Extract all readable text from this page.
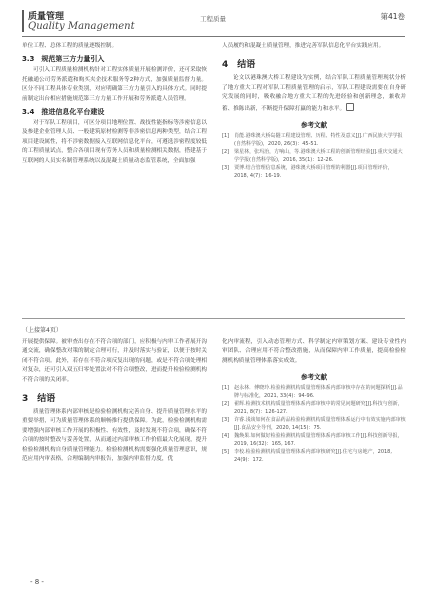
质量管理
Quality Management
工程质量	第41卷

单位工程、总体工程的质量逐级控制。

3.3　规范第三方力量引入

可引入工程质量检测机构针对工程实体质量开展检测评价，还可采取恢托融通公司劳务派遣和购买夹企技术服务等2种方式，加强质量监督力量。区分不同工程具体专业类别，对应明确第三方力量引入的具体方式。同时提前制定出台相应措施规范第三方力量工作开展和劳务派遣人员管理。

3.4　推进信息化平台建设

对于军队工程项目，可区分项目地理位置、战技性能指标等涉密信息以及参建企业管理人员、一般建筑原材检测等非涉密信息两种类型，结合工程项目建设属性，将不涉密数据接入互联网信息化平台，可遵选涉密程度较低的工程质量试点，整合各项目现有劳务人员和质量检测相关数据，搭建基于互联网的人员实名制管理系统以及混凝土质量动态监管系统，全面加强

人员履约和混凝土质量管理，推进完善军队信息化平台实践应用。

4　结语

论文以港珠澳大桥工程建设为实例，结合军队工程质量管理现状分析了地方重大工程对军队工程质量管理的启示，军队工程建设需要在自身研究发展的同时，吸收融合地方重大工程的先进经验和创新理念，兼收并蓄、推陈出新，不断提升保障打赢的能力和水平。

参考文献
[1]　肖能.港珠澳大桥岛隧工程建设管理、历程、特性及意义[J].广西民族大学学报(自然科学版)，2020, 26(3)：45-51.
[2]　梁星林，张玛治，方响山，等.港珠澳大桥工程的创新管理经验[J].重庆交通大学学报(自然科学版)，2016, 35(1)：12-26.
[3]　贾博.结合管理信息系统，港珠澳大桥项目管理的利器[J].项目管理评价，2018, 4(7)：16-19.
（上接第4页）

开展提供保障。被审查出存在不符合项的部门，应积极与内审工作者展开沟通交流，确保整改对策的制定合理可行，并及时落实与验证，以便于按时关闭不符合项。此外，若存在不符合项反复出现的问题，或是不符合项处理相对复杂，还可引入双五归零处置法对不符合项整改，进而提升检验检测机构不符合项的关闭率。

3　结语

质量管理体系内部审核是检验检测机构完善自身、提升质量管理水平的重要举措，可为质量管理体系的顺畅推行提供保障。为此，检验检测机构需要增强内部审核工作开展的积极性、有效性，及时发现不符合项，确保不符合项的按时整改与妥善处置，从而通过内部审核工作价值最大化展现，提升检验检测机构自身质量管理能力。检验检测机构需要强化质量管理意识，规范应用内审表格，合理编制内审报告，加强内审监督力度，优

化内审流程，引入动态管理方式、科学制定内审策划方案、建设专业性内审团队、合理应用不符合整改措施，从而保障内审工作质量，提高检验检测机构质量管理体系落实成效。

参考文献
[1]　赵永林．傅晓玲.检验检测机构质量管理体系内部审核中存在的问题探析[J].品牌与标准化，2021, 33(4)：94-96.
[2]　翟辉.检测技术机构质量管理体系内部审核中的常见问题研究[J].科技与创新，2021, 8(7)：126-127.
[3]　许睿.浅谈如何在食品药品检验检测机构质量管理体系运行中有效实施内部审核[J].食品安全导刊，2020, 14(15)：75.
[4]　魏焕果.如何做好检验检测机构质量管理体系内部审核工作[J].科技创新导报，2019, 16(32)：165, 167.
[5]　李校.检验检测机构质量管理体系内部审核研究[J].住宅与房地产，2018, 24(9)：172.
- 8 -
